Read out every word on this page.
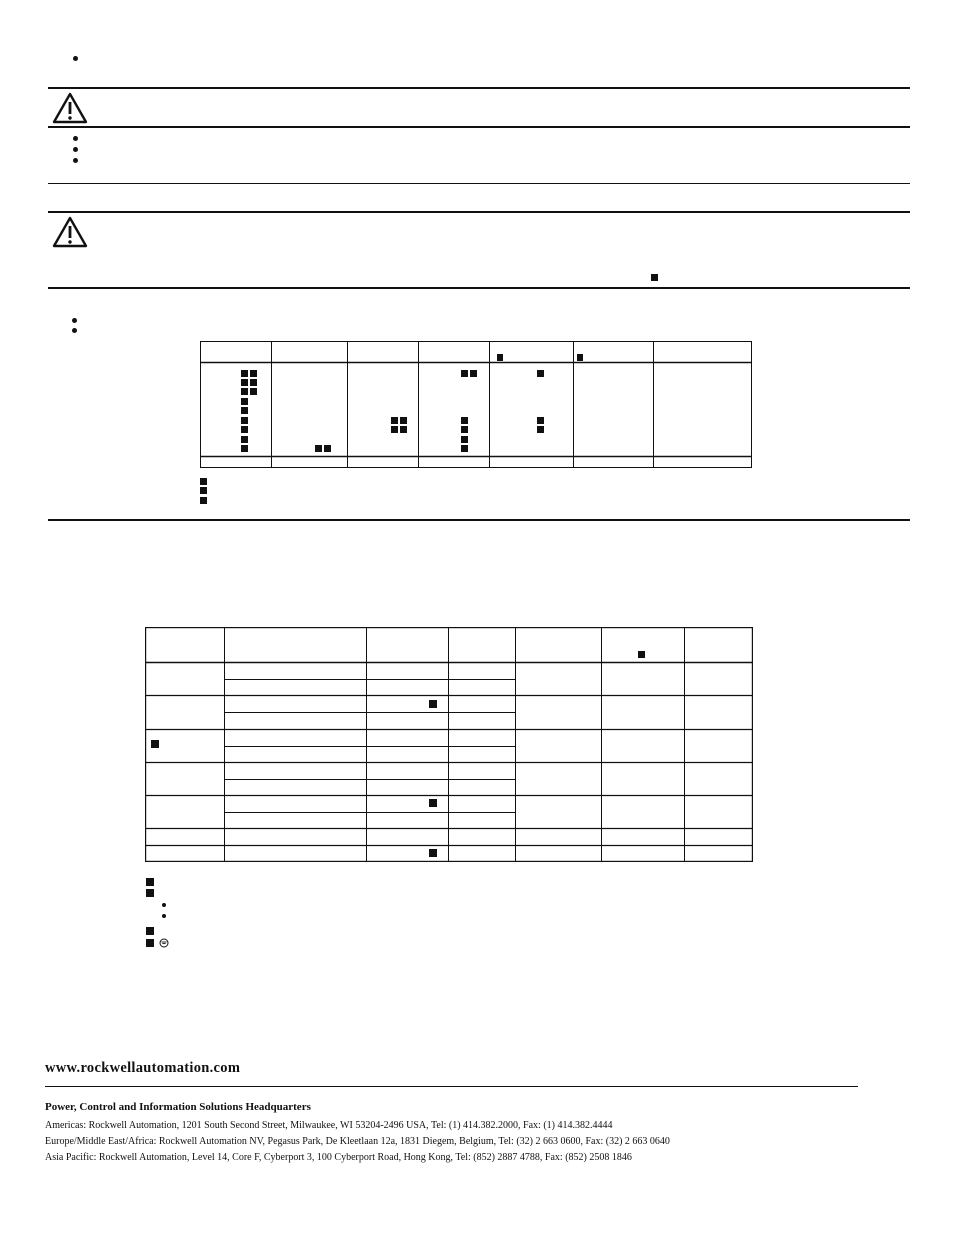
www.rockwellautomation.com
Power, Control and Information Solutions Headquarters
Americas: Rockwell Automation, 1201 South Second Street, Milwaukee, WI 53204-2496 USA, Tel: (1) 414.382.2000, Fax: (1) 414.382.4444
Europe/Middle East/Africa: Rockwell Automation NV, Pegasus Park, De Kleetlaan 12a, 1831 Diegem, Belgium, Tel: (32) 2 663 0600, Fax: (32) 2 663 0640
Asia Pacific: Rockwell Automation, Level 14, Core F, Cyberport 3, 100 Cyberport Road, Hong Kong, Tel: (852) 2887 4788, Fax: (852) 2508 1846
